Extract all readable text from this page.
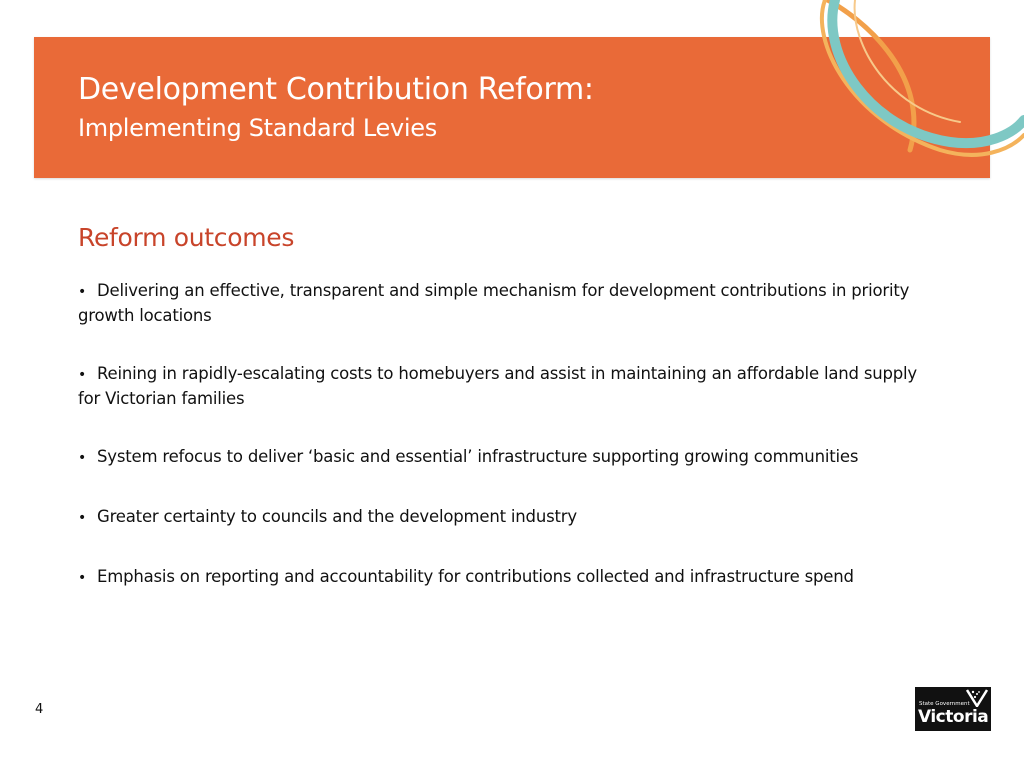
Development Contribution Reform:
Implementing Standard Levies
Reform outcomes
• Delivering an effective, transparent and simple mechanism for development contributions in priority growth locations
• Reining in rapidly-escalating costs to homebuyers and assist in maintaining an affordable land supply for Victorian families
• System refocus to deliver ‘basic and essential’ infrastructure supporting growing communities
• Greater certainty to councils and the development industry
• Emphasis on reporting and accountability for contributions collected and infrastructure spend
4	State Government
Victoria
